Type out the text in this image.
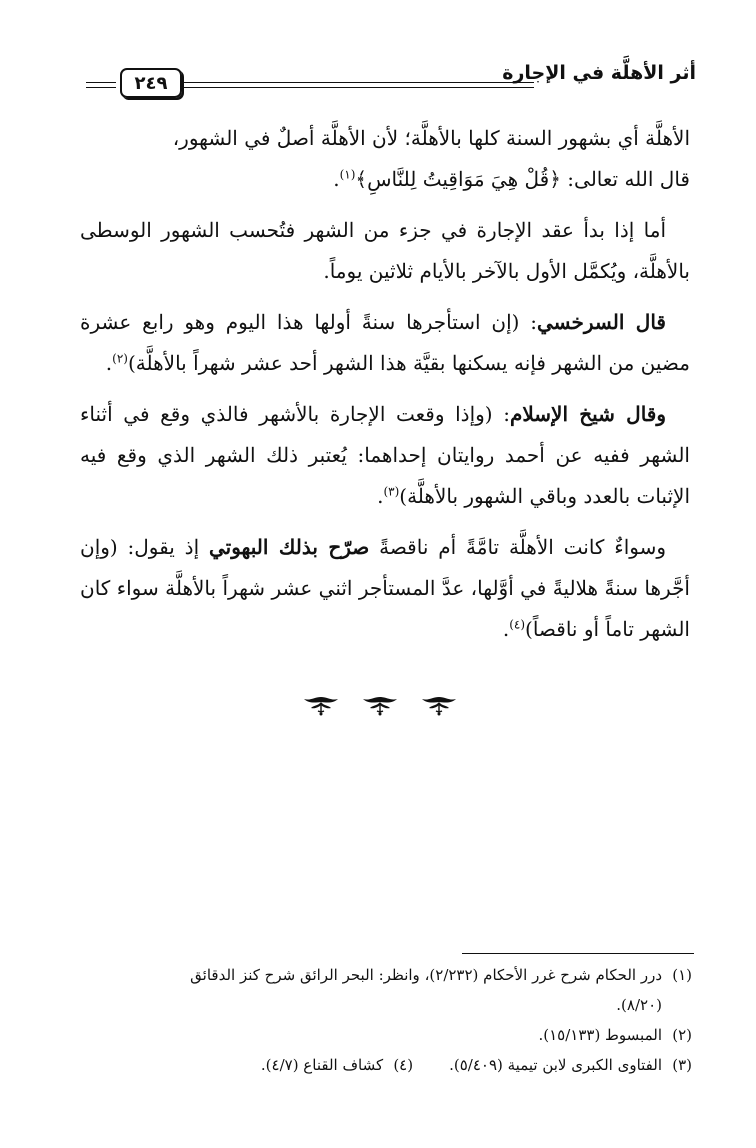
أثر الأهلَّة في الإجارة
٢٤٩

الأهلَّة أي بشهور السنة كلها بالأهلَّة؛ لأن الأهلَّة أصلٌ في الشهور،
قال الله تعالى: ﴿قُلْ هِيَ مَوَاقِيتُ لِلنَّاسِ﴾$^{(١)}$.

أما إذا بدأ عقد الإجارة في جزء من الشهر فتُحسب الشهور الوسطى بالأهلَّة، ويُكمَّل الأول بالآخر بالأيام ثلاثين يوماً.

قال السرخسي: (إن استأجرها سنةً أولها هذا اليوم وهو رابع عشرة مضين من الشهر فإنه يسكنها بقيَّة هذا الشهر أحد عشر شهراً بالأهلَّة)$^{(٢)}$.

وقال شيخ الإسلام: (وإذا وقعت الإجارة بالأشهر فالذي وقع في أثناء الشهر ففيه عن أحمد روايتان إحداهما: يُعتبر ذلك الشهر الذي وقع فيه الإثبات بالعدد وباقي الشهور بالأهلَّة)$^{(٣)}$.

وسواءٌ كانت الأهلَّة تامَّةً أم ناقصةً صرّح بذلك البهوتي إذ يقول: (وإن أجَّرها سنةً هلاليةً في أوَّلها، عدَّ المستأجر اثني عشر شهراً بالأهلَّة سواء كان الشهر تاماً أو ناقصاً)$^{(٤)}$.

(١)درر الحكام شرح غرر الأحكام (٢/٢٣٢)، وانظر: البحر الرائق شرح كنز الدقائق

(٨/٢٠).

(٢)المبسوط (١٥/١٣٣).

(٣)الفتاوى الكبرى لابن تيمية (٥/٤٠٩).(٤)كشاف القناع (٤/٧).
